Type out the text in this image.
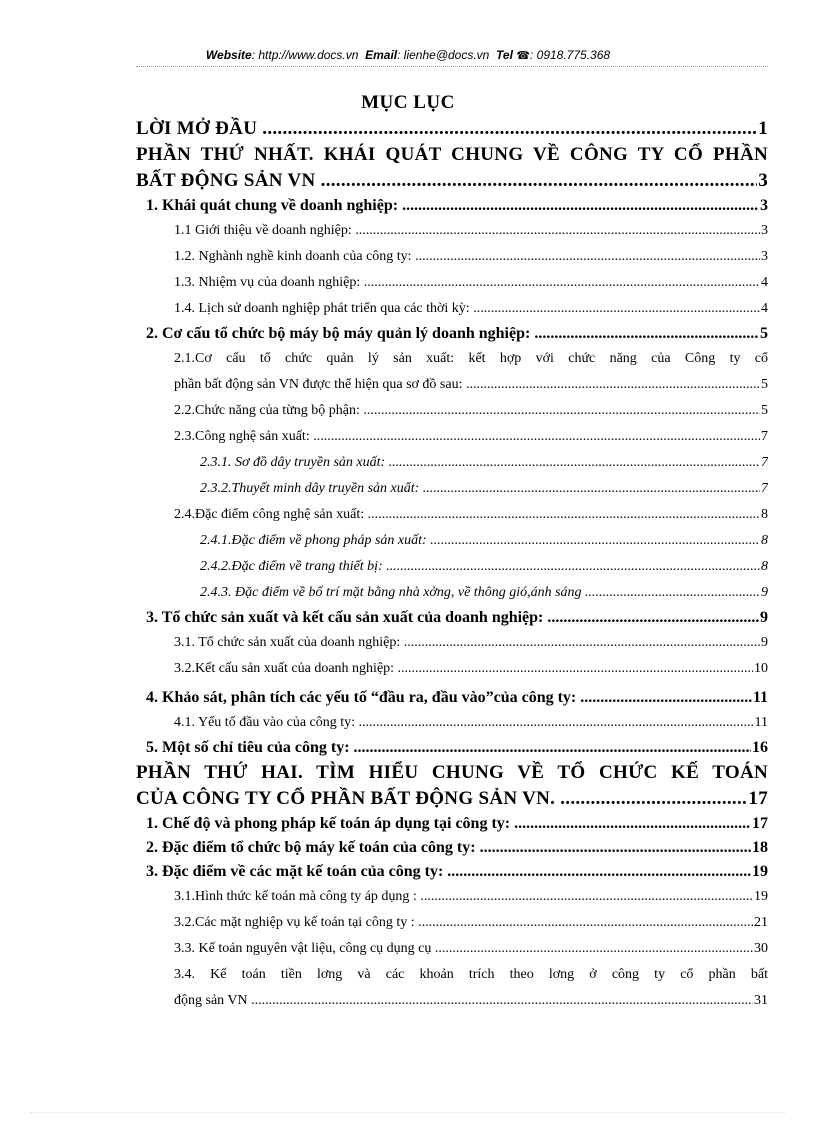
Website: http://www.docs.vn Email: lienhe@docs.vn Tel ☎: 0918.775.368
MỤC LỤC
LỜI MỞ ĐẦU .....	1
PHẦN THỨ NHẤT. KHÁI QUÁT CHUNG VỀ CÔNG TY CỔ PHẦN
BẤT ĐỘNG SẢN VN .....	3
1. Khái quát chung về doanh nghiệp: .....	3
1.1 Giới thiệu về doanh nghiệp: .....	3
1.2. Nghành nghề kinh doanh của công ty: .....	3
1.3. Nhiệm vụ của doanh nghiệp: .....	4
1.4. Lịch sử doanh nghiệp phát triển qua các thời kỳ: .....	4
2. Cơ cấu tổ chức bộ máy bộ máy quản lý doanh nghiệp: .....	5
2.1.Cơ cấu tổ chức quản lý sản xuất: kết hợp với chức năng của Công ty cổ
phần bất động sản VN được thể hiện qua sơ đồ sau: .....	5
2.2.Chức năng của từng bộ phận: .....	5
2.3.Công nghệ sản xuất: .....	7
2.3.1. Sơ đồ dây truyền sản xuất: .....	7
2.3.2.Thuyết minh dây truyền sản xuất: .....	7
2.4.Đặc điểm công nghệ sản xuất: .....	8
2.4.1.Đặc điểm về phong pháp sản xuất: .....	8
2.4.2.Đặc điểm về trang thiết bị: .....	8
2.4.3. Đặc điểm về bố trí mặt bằng nhà xởng, về thông gió,ánh sáng .....	9
3. Tổ chức sản xuất và kết cấu sản xuất của doanh nghiệp: .....	9
3.1. Tổ chức sản xuất của doanh nghiệp: .....	9
3.2.Kết cấu sản xuất của doanh nghiệp: .....	10
4. Khảo sát, phân tích các yếu tố “đầu ra, đầu vào”của công ty: .....	11
4.1. Yếu tố đầu vào của công ty: .....	11
5. Một số chỉ tiêu của công ty: .....	16
PHẦN THỨ HAI. TÌM HIỂU CHUNG VỀ TỔ CHỨC KẾ TOÁN
CỦA CÔNG TY CỔ PHẦN BẤT ĐỘNG SẢN VN. .....	17
1. Chế độ và phong pháp kế toán áp dụng tại công ty: .....	17
2. Đặc điểm tổ chức bộ máy kế toán của công ty: .....	18
3. Đặc điểm về các mặt kế toán của công ty: .....	19
3.1.Hình thức kế toán mà công ty áp dụng : .....	19
3.2.Các mặt nghiệp vụ kế toán tại công ty : .....	21
3.3. Kế toán nguyên vật liệu, công cụ dụng cụ .....	30
3.4. Kế toán tiền lơng và các khoản trích theo lơng ở công ty cổ phần bất
động sản VN .....	31
